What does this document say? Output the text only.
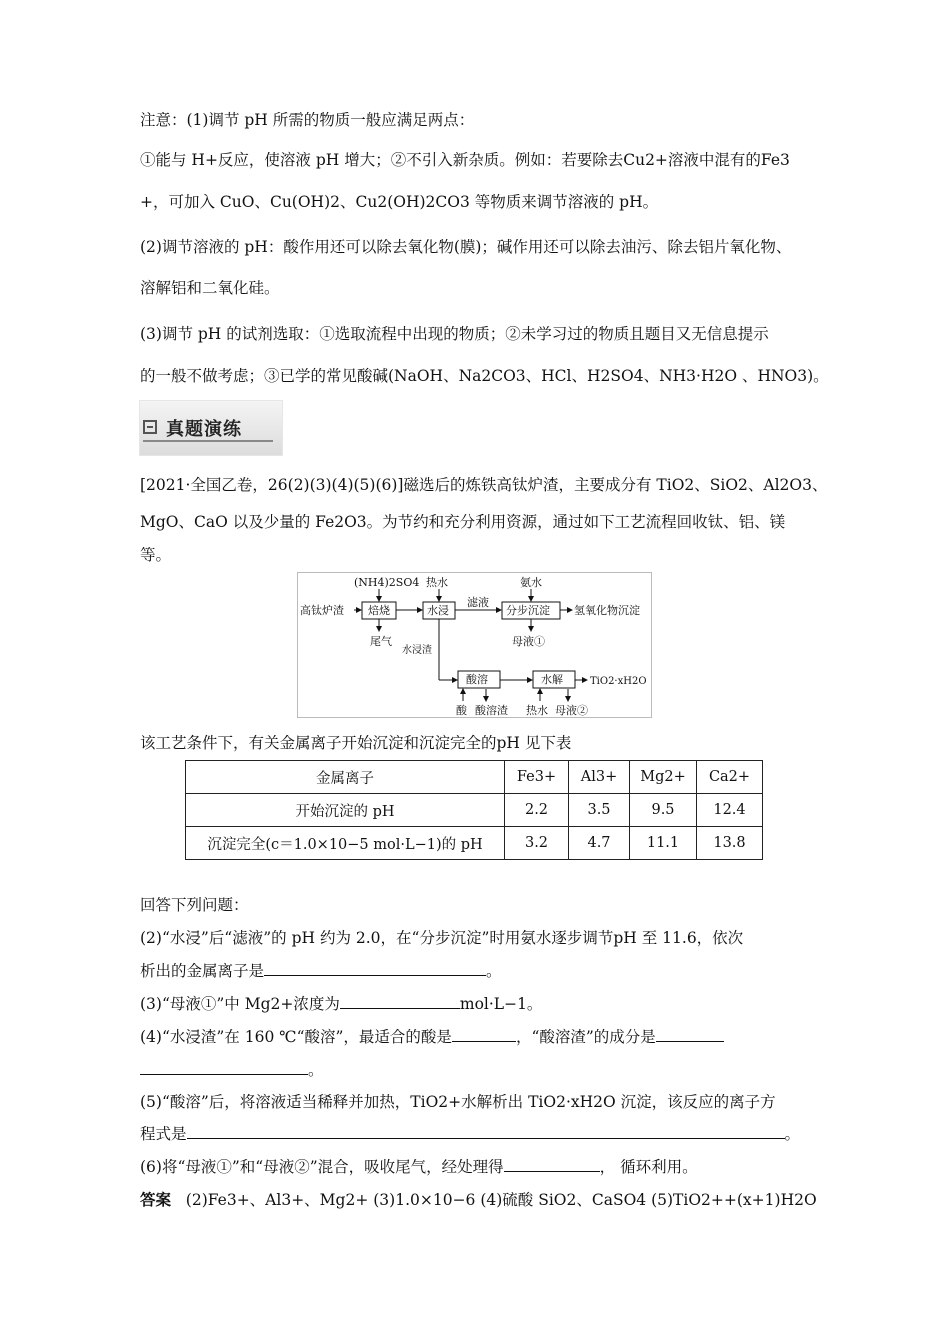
注意：(1)调节 pH 所需的物质一般应满足两点：
①能与 H+反应，使溶液 pH 增大；②不引入新杂质。例如：若要除去Cu2+溶液中混有的Fe3
+，可加入 CuO、Cu(OH)2、Cu2(OH)2CO3 等物质来调节溶液的 pH。
(2)调节溶液的 pH：酸作用还可以除去氧化物(膜)；碱作用还可以除去油污、除去铝片氧化物、
溶解铝和二氧化硅。
(3)调节 pH 的试剂选取：①选取流程中出现的物质；②未学习过的物质且题目又无信息提示
的一般不做考虑；③已学的常见酸碱(NaOH、Na2CO3、HCl、H2SO4、NH3·H2O 、HNO3)。
真题演练
[2021·全国乙卷，26(2)(3)(4)(5)(6)]磁选后的炼铁高钛炉渣，主要成分有 TiO2、SiO2、Al2O3、
MgO、CaO 以及少量的 Fe2O3。为节约和充分利用资源，通过如下工艺流程回收钛、铝、镁
等。
(NH4)2SO4 热水	氨水
高钛炉渣 焙烧	水浸
滤液
分步沉淀 氢氧化物沉淀
尾气
水浸渣
母液①
酸溶	水解	TiO2·xH2O
酸 酸溶渣 热水 母液②
该工艺条件下，有关金属离子开始沉淀和沉淀完全的pH 见下表
金属离子	Fe3+	Al3+	Mg2+	Ca2+
开始沉淀的 pH	2.2	3.5	9.5	12.4
沉淀完全(c＝1.0×10−5 mol·L−1)的 pH	3.2	4.7	11.1	13.8
回答下列问题：
(2)“水浸”后“滤液”的 pH 约为 2.0，在“分步沉淀”时用氨水逐步调节pH 至 11.6，依次
析出的金属离子是	。
(3)“母液①”中 Mg2+浓度为	mol·L−1。
(4)“水浸渣”在 160 ℃“酸溶”，最适合的酸是	，“酸溶渣”的成分是
。
(5)“酸溶”后，将溶液适当稀释并加热，TiO2+水解析出 TiO2·xH2O 沉淀，该反应的离子方
程式是	。
(6)将“母液①”和“母液②”混合，吸收尾气，经处理得	， 循环利用。
答案 (2)Fe3+、Al3+、Mg2+ (3)1.0×10−6 (4)硫酸 SiO2、CaSO4 (5)TiO2++(x+1)H2O
